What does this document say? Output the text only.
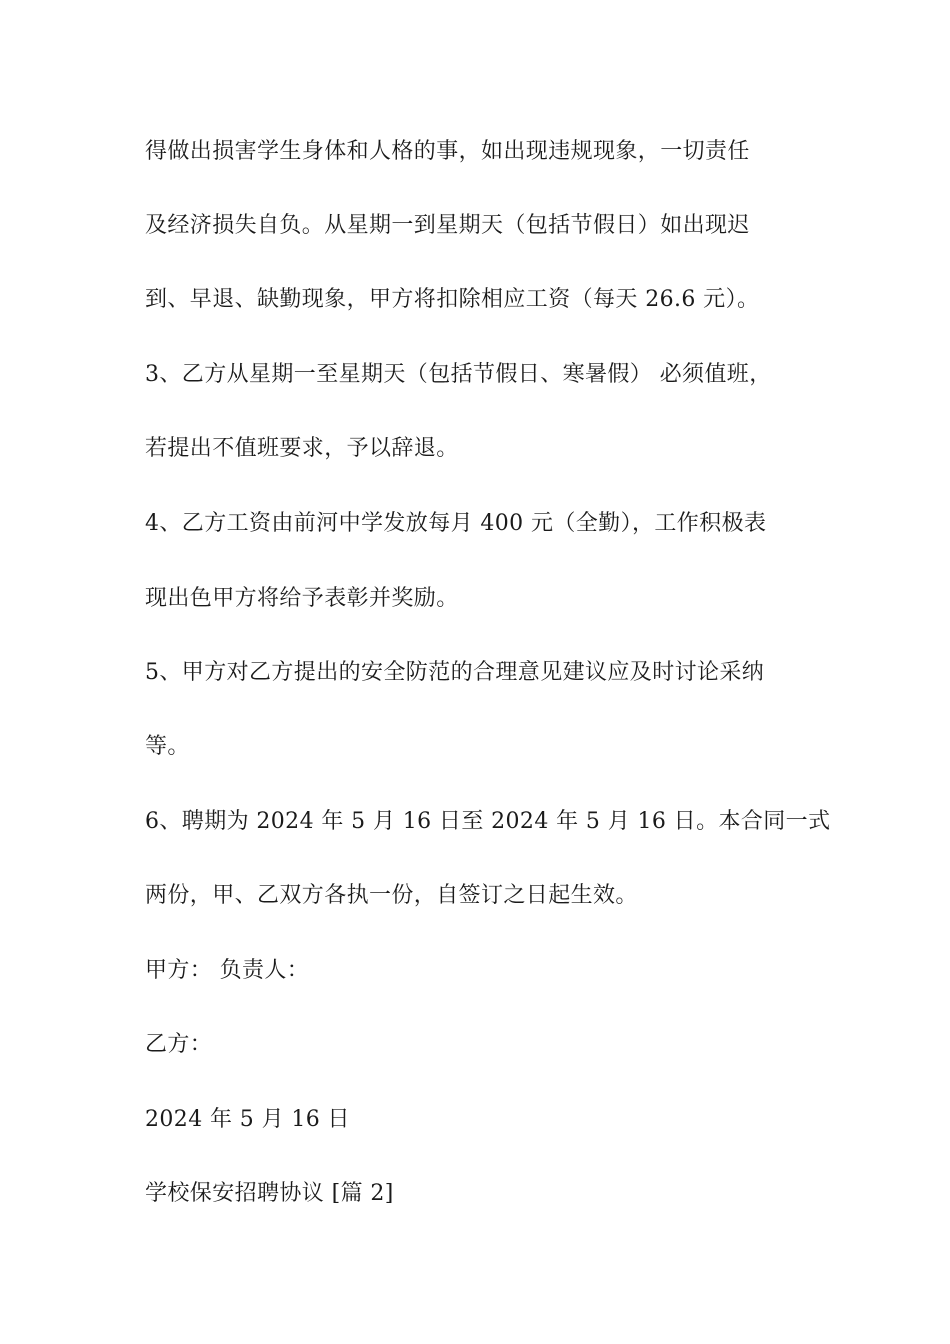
得做出损害学生身体和人格的事，如出现违规现象，一切责任

及经济损失自负。从星期一到星期天（包括节假日）如出现迟

到、早退、缺勤现象，甲方将扣除相应工资（每天 26.6 元）。

3、乙方从星期一至星期天（包括节假日、寒暑假） 必须值班，

若提出不值班要求，予以辞退。

4、乙方工资由前河中学发放每月 400 元（全勤），工作积极表

现出色甲方将给予表彰并奖励。

5、甲方对乙方提出的安全防范的合理意见建议应及时讨论采纳

等。

6、聘期为 2024 年 5 月 16 日至 2024 年 5 月 16 日。本合同一式

两份，甲、乙双方各执一份，自签订之日起生效。

甲方： 负责人：

乙方：

2024 年 5 月 16 日

学校保安招聘协议 [篇 2]
